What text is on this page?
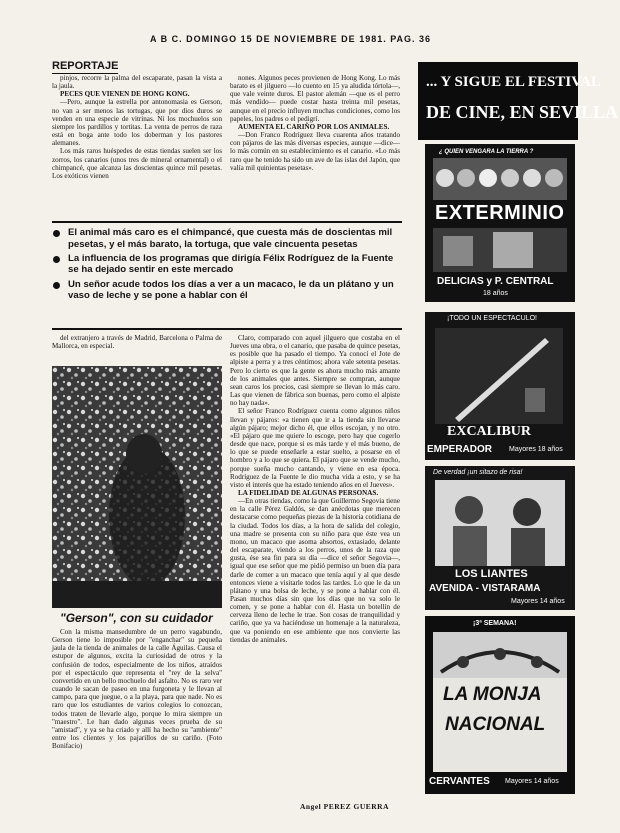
A B C. DOMINGO 15 DE NOVIEMBRE DE 1981. PAG. 36
REPORTAJE

pinjos, recorre la palma del escaparate, pasan la vista a la jaula.

PECES QUE VIENEN DE HONG KONG.

—Pero, aunque la estrella por antonomasia es Gerson, no van a ser menos las tortugas, que por dios duros se venden en una especie de vitrinas. Ni los mochuelos son siempre los pardillos y tortitas. La venta de perros de raza está en boga ante todo los doberman y los pastores alemanes.

Los más raros huéspedes de estas tiendas suelen ser los zorros, los canarios (unos tres de mineral ornamental) o el chimpancé, que alcanza las doscientas quince mil pesetas. Los exóticos vienen

nones. Algunos peces provienen de Hong Kong. Lo más barato es el jilguero —lo cuento en 15 ya aludida tórtola—, que vale veinte duros. El pastor alemán —que es el perro más vendido— puede costar hasta treinta mil pesetas, aunque en el precio influyen muchas condiciones, como los papeles, los padres o el pedigrí.

AUMENTA EL CARIÑO POR LOS ANIMALES.

—Don Franco Rodríguez lleva cuarenta años tratando con pájaros de las más diversas especies, aunque —dice— lo más común en su establecimiento es el canario. «Lo más raro que he tenido ha sido un ave de las islas del Japón, que valía mil quinientas pesetas».

El animal más caro es el chimpancé, que cuesta más de doscientas mil pesetas, y el más barato, la tortuga, que vale cincuenta pesetas
La influencia de los programas que dirigía Félix Rodríguez de la Fuente se ha dejado sentir en este mercado
Un señor acude todos los días a ver a un macaco, le da un plátano y un vaso de leche y se pone a hablar con él

del extranjero a través de Madrid, Barcelona o Palma de Mallorca, en especial.

"Gerson", con su cuidador

Con la misma mansedumbre de un perro vagabundo, Gerson tiene lo imposible por "enganchar" su pequeña jaula de la tienda de animales de la calle Águilas. Causa el estupor de algunos, excita la curiosidad de otros y la confusión de todos, especialmente de los niños, atraídos por el espectáculo que representa el "rey de la selva" convertido en un bello mochuelo del asfalto. No es raro ver cuando le sacan de paseo en una furgoneta y le llevan al campo, para que juegue, o a la playa, para que nade. No es raro que los estudiantes de varios colegios lo conozcan, todos traten de llevarle algo, porque lo mira siempre un "maestro". Le han dado algunas veces prueba de su "amistad", y ya se ha criado y allí ha hecho su "ambiente" entre los clientes y los pajarillos de su cariño. (Foto Bonifacio)

Claro, comparado con aquel jilguero que costaba en el Jueves una obra, o el canario, que pasaba de quince pesetas, es posible que ha pasado el tiempo. Ya conocí el Jote de alpiste a perra y a tres céntimos; ahora vale setenta pesetas. Pero lo cierto es que la gente es ahora mucho más amante de los animales que antes. Siempre se compran, aunque sean caros los precios, casi siempre se llevan lo más caro. Las que vienen de fábrica son buenas, pero como el alpiste no hay nada».

El señor Franco Rodríguez cuenta como algunos niños llevan y pájaros: «a tienen que ir a la tienda sin llevarse algún pájaro; mejor dicho él, que ellos escojan, y no otro. «El pájaro que me quiere lo escoge, pero hay que cogerlo desde que nace, porque si es más tarde y el más bueno, de lo que se puede enseñarle a estar suelto, a posarse en el hombro y a lo que se quiera. El pájaro que se vende mucho, porque sueña mucho cantando, y viene en esa época. Rodríguez de la Fuente le dio mucha vida a esto, y se ha visto el interés que ha estado teniendo años en el Jueves».

LA FIDELIDAD DE ALGUNAS PERSONAS.

—En otras tiendas, como la que Guillermo Segovia tiene en la calle Pérez Galdós, se dan anécdotas que merecen destacarse como pequeñas piezas de la historia cotidiana de la ciudad. Todos los días, a la hora de salida del colegio, una madre se presenta con su niño para que éste vea un mono, un macaco que asoma absortos, extasiado, delante del escaparate, viendo a los perros, unos de la raza que gusta, ése sea fin para su día —dice el señor Segovia—, igual que ese señor que me pidió permiso un buen día para darle de comer a un macaco que tenía aquí y al que desde entonces viene a visitarle todos las tardes. Lo que le da un plátano y una bolsa de leche, y se pone a hablar con él. Pasan muchos días sin que los días que no va solo le comen, y se pone a hablar con él. Hasta un botellín de cerveza lleno de leche le trae. Son cosas de tranquilidad y cariño, que ya va haciéndose un homenaje a la naturaleza, que va poniendo en ese ambiente que nos convierte las tiendas de animales.

Angel PEREZ GUERRA
... Y SIGUE EL FESTIVAL
DE CINE, EN SEVILLA
¿ QUIEN VENGARA LA TIERRA ?
EXTERMINIO
DELICIAS y P. CENTRAL
18 años
¡TODO UN ESPECTACULO!
EXCALIBUR
EMPERADOR Mayores 18 años
De verdad ¡un sitazo de risa!
LOS LIANTES
AVENIDA - VISTARAMA
Mayores 14 años
¡3ª SEMANA!
LA MONJA
NACIONAL
CERVANTES Mayores 14 años
